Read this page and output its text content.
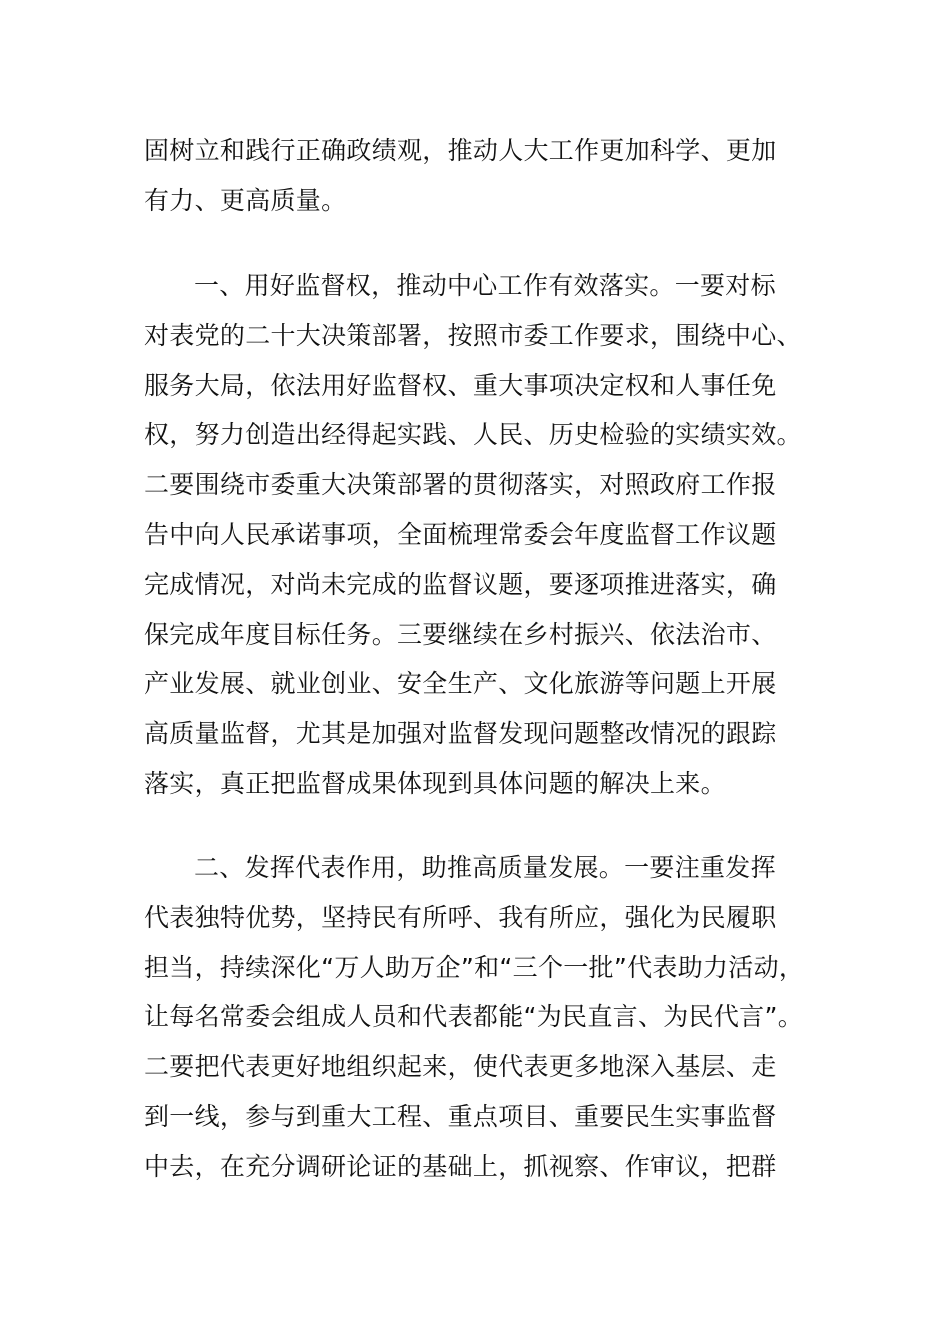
固树立和践行正确政绩观，推动人大工作更加科学、更加
有力、更高质量。
一、用好监督权，推动中心工作有效落实。一要对标
对表党的二十大决策部署，按照市委工作要求，围绕中心、
服务大局，依法用好监督权、重大事项决定权和人事任免
权，努力创造出经得起实践、人民、历史检验的实绩实效。
二要围绕市委重大决策部署的贯彻落实，对照政府工作报
告中向人民承诺事项，全面梳理常委会年度监督工作议题
完成情况，对尚未完成的监督议题，要逐项推进落实，确
保完成年度目标任务。三要继续在乡村振兴、依法治市、
产业发展、就业创业、安全生产、文化旅游等问题上开展
高质量监督，尤其是加强对监督发现问题整改情况的跟踪
落实，真正把监督成果体现到具体问题的解决上来。
二、发挥代表作用，助推高质量发展。一要注重发挥
代表独特优势，坚持民有所呼、我有所应，强化为民履职
担当，持续深化“万人助万企”和“三个一批”代表助力活动，
让每名常委会组成人员和代表都能“为民直言、为民代言”。
二要把代表更好地组织起来，使代表更多地深入基层、走
到一线，参与到重大工程、重点项目、重要民生实事监督
中去，在充分调研论证的基础上，抓视察、作审议，把群
